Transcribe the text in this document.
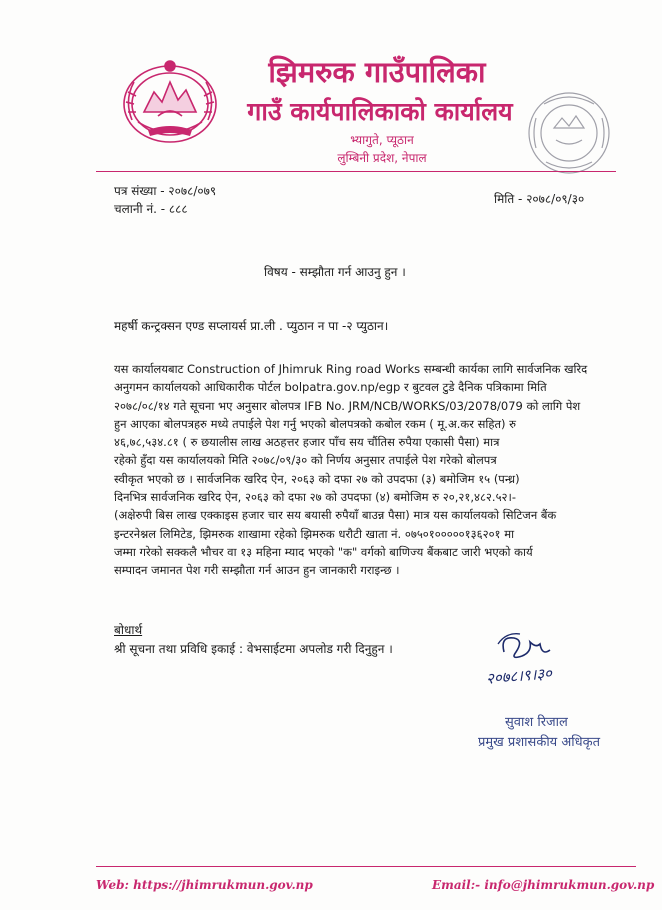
झिमरुक गाउँपालिका
गाउँ कार्यपालिकाको कार्यालय
भ्यागुते, प्यूठान
लुम्बिनी प्रदेश, नेपाल
पत्र संख्या - २०७८/०७९
चलानी नं. - ८८८
मिति - २०७८/०९/३०
विषय - सम्झौता गर्न आउनु हुन ।
महर्षी कन्ट्रक्सन एण्ड सप्लायर्स प्रा.ली . प्युठान न पा -२ प्युठान।
यस कार्यालयबाट Construction of Jhimruk Ring road Works सम्बन्धी कार्यका लागि सार्वजनिक खरिद
अनुगमन कार्यालयको आधिकारीक पोर्टल bolpatra.gov.np/egp र बुटवल टुडे दैनिक पत्रिकामा मिति
२०७८/०८/१४ गते सूचना भए अनुसार बोलपत्र IFB No. JRM/NCB/WORKS/03/2078/079 को लागि पेश
हुन आएका बोलपत्रहरु मध्ये तपाईले पेश गर्नु भएको बोलपत्रको कबोल रकम ( मू.अ.कर सहित) रु
४६,७८,५३४.८१ ( रु छयालीस लाख अठहत्तर हजार पाँच सय चौंतिस रुपैया एकासी पैसा) मात्र
रहेको हुँदा यस कार्यालयको मिति २०७८/०९/३० को निर्णय अनुसार तपाईले पेश गरेको बोलपत्र
स्वीकृत भएको छ । सार्वजनिक खरिद ऐन, २०६३ को दफा २७ को उपदफा (३) बमोजिम १५ (पन्ध्र)
दिनभित्र सार्वजनिक खरिद ऐन, २०६३ को दफा २७ को उपदफा (४) बमोजिम रु २०,२१,४८२.५२।-
(अक्षेरुपी बिस लाख एक्काइस हजार चार सय बयासी रुपैयाँ बाउन्न पैसा) मात्र यस कार्यालयको सिटिजन बैंक
इन्टरनेश्नल लिमिटेड, झिमरुक शाखामा रहेको झिमरुक धरौटी खाता नं. ०७५०१०००००१३६२०१ मा
जम्मा गरेको सक्कलै भौचर वा १३ महिना म्याद भएको "क" वर्गको बाणिज्य बैंकबाट जारी भएको कार्य
सम्पादन जमानत पेश गरी सम्झौता गर्न आउन हुन जानकारी गराइन्छ ।
बोधार्थ
श्री सूचना तथा प्रविधि इकाई : वेभसाईटमा अपलोड गरी दिनुहुन ।
२०७८।९।३०
सुवाश रिजाल
प्रमुख प्रशासकीय अधिकृत
Web: https://jhimrukmun.gov.np	Email:- info@jhimrukmun.gov.np
